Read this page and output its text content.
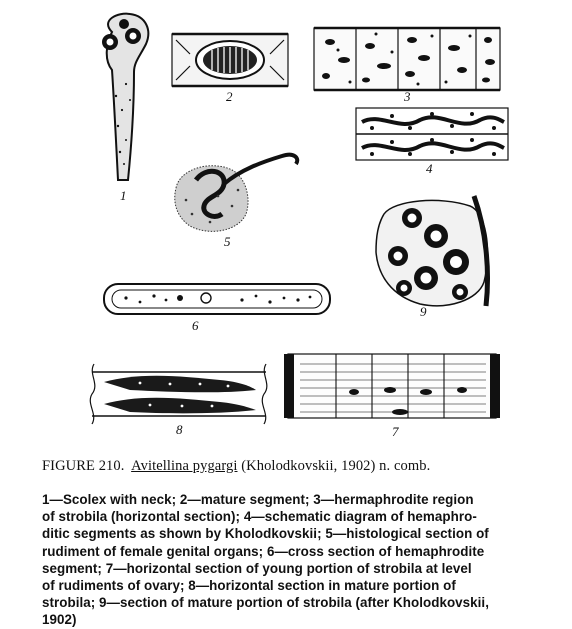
1
2	3
4
5
6
7
8
9
FIGURE 210. Avitellina pygargi (Kholodkovskii, 1902) n. comb.
1—Scolex with neck; 2—mature segment; 3—hermaphrodite region
of strobila (horizontal section); 4—schematic diagram of hemaphro-
ditic segments as shown by Kholodkovskii; 5—histological section of
rudiment of female genital organs; 6—cross section of hemaphrodite
segment; 7—horizontal section of young portion of strobila at level
of rudiments of ovary; 8—horizontal section in mature portion of
strobila; 9—section of mature portion of strobila (after Kholodkovskii,
1902)
